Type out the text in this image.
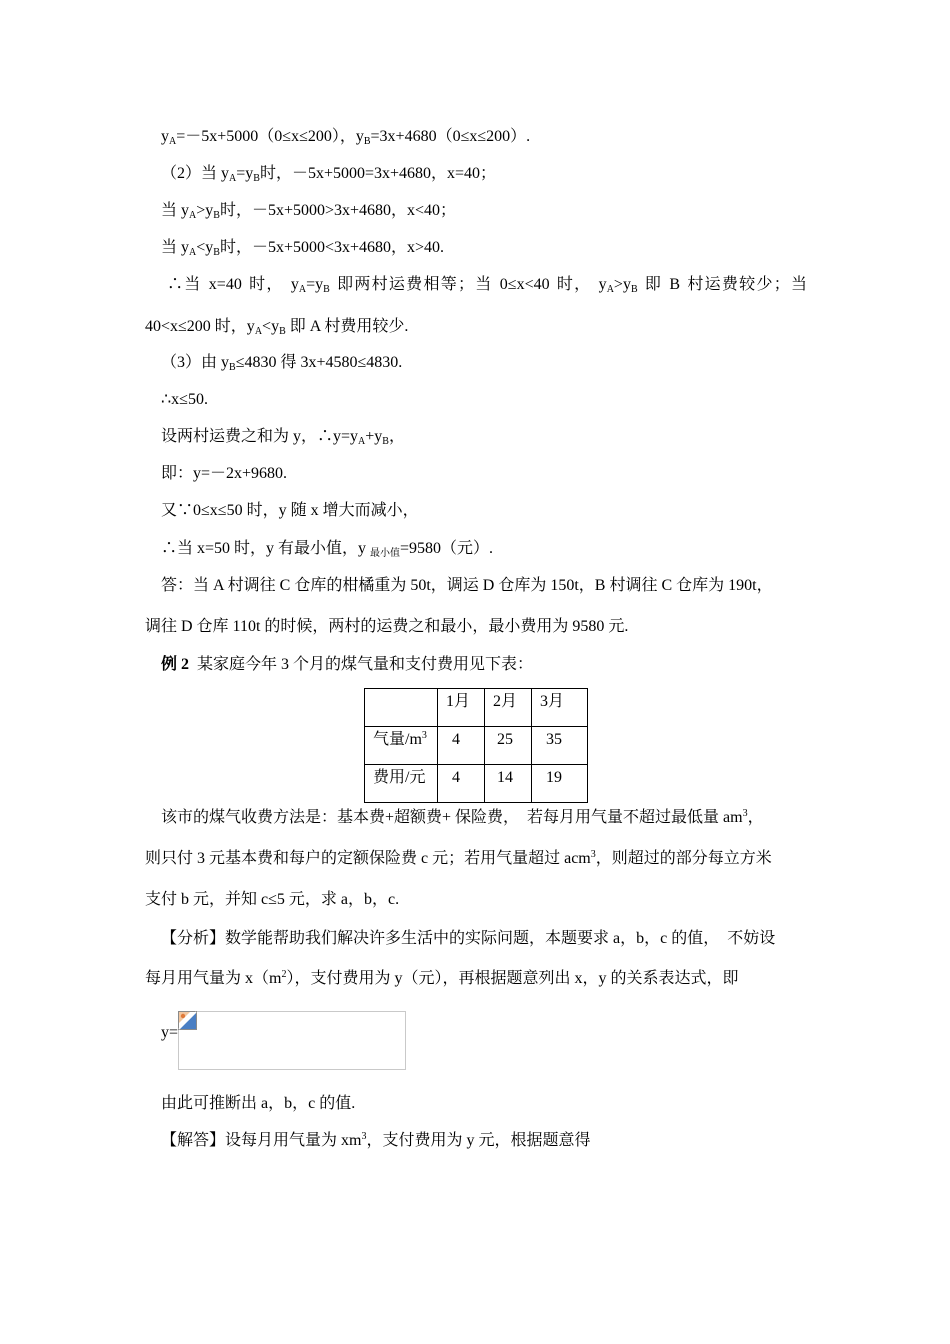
$y_A=-5x+5000(0\le x\le 200)$，$y_B=3x+4680(0\le x\le 200)$.
（2）当 $y_A=y_B$时，－5x+5000=3x+4680，x=40；
当 $y_A>y_B$时，－5x+5000>3x+4680，x<40；
当 $y_A<y_B$时，－5x+5000<3x+4680，x>40.
∴当 x=40 时， $y_A=y_B$ 即两村运费相等；当 0≤x<40 时， $y_A>y_B$ 即 B 村运费较少；当
40<x≤200 时，$y_A<y_B$ 即 A 村费用较少.
（3）由 $y_B\le 4830$ 得 3x+4580≤4830.
∴x≤50.
设两村运费之和为 y，$\therefore y=y_A+y_B$，
即：y=－2x+9680.
又∵0≤x≤50 时，y 随 x 增大而减小，
∴当 x=50 时，y 有最小值，y $_{最小值}$=9580（元）.
答：当 A 村调往 C 仓库的柑橘重为 50t，调运 D 仓库为 150t，B 村调往 C 仓库为 190t，
调往 D 仓库 110t 的时候，两村的运费之和最小，最小费用为 9580 元.
例 2 某家庭今年 3 个月的煤气量和支付费用见下表：
	1月	2月	3月
气量$/m^3$	4	25	35
费用/元	4	14	19
该市的煤气收费方法是：基本费+超额费+ 保险费，  若每月用气量不超过最低量 $am^3$，
则只付 3 元基本费和每户的定额保险费 c 元；若用气量超过 acm$^3$，则超过的部分每立方米
支付 b 元，并知 c≤5 元，求 a，b，c.
【分析】数学能帮助我们解决许多生活中的实际问题，本题要求 a，b，c 的值，  不妨设
每月用气量为 $x(m^2)$，支付费用为 y（元），再根据题意列出 x，y 的关系表达式，即
y=
由此可推断出 a，b，c 的值.
【解答】设每月用气量为 $xm^3$，支付费用为 y 元，根据题意得
